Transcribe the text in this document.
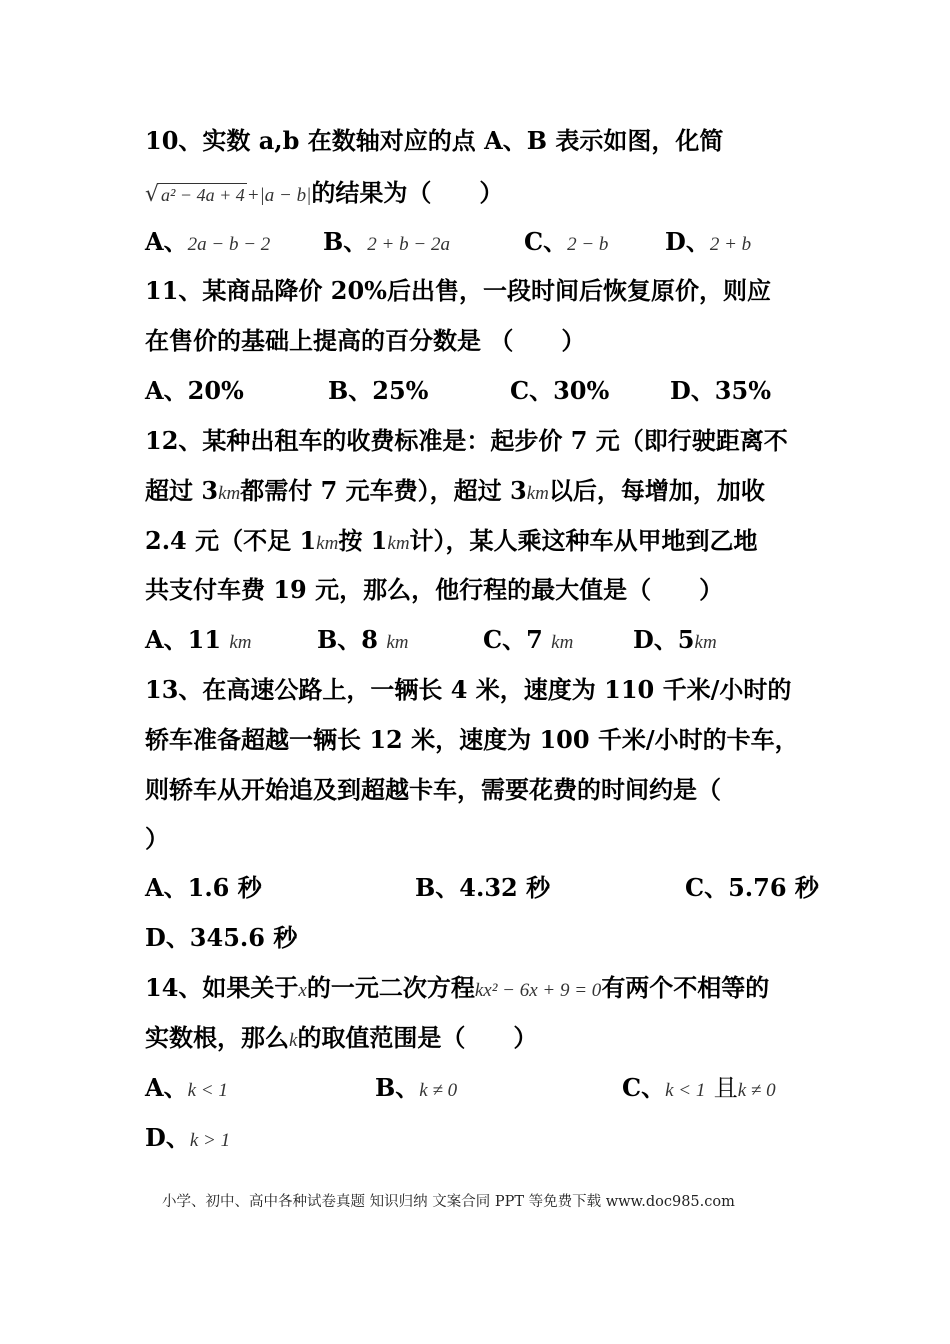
10、实数 a,b 在数轴对应的点 A、B 表示如图，化简
√ a² − 4a + 4 +|a − b|的结果为（　　）
A、2a − b − 2 B、2 + b − 2a	C、2 − b D、2 + b
11、某商品降价 20%后出售，一段时间后恢复原价，则应
在售价的基础上提高的百分数是 （　　）
A、20%	B、25%	C、30%	D、35%
12、某种出租车的收费标准是：起步价 7 元（即行驶距离不
超过 3km都需付 7 元车费），超过 3km以后，每增加，加收
2.4 元（不足 1km按 1km计），某人乘这种车从甲地到乙地
共支付车费 19 元，那么，他行程的最大值是（　　）
A、11 km	B、8 km	C、7 km D、5km
13、在高速公路上，一辆长 4 米，速度为 110 千米/小时的
轿车准备超越一辆长 12 米，速度为 100 千米/小时的卡车，
则轿车从开始追及到超越卡车，需要花费的时间约是（
）
A、1.6 秒	B、4.32 秒	C、5.76 秒
D、345.6 秒
14、如果关于x的一元二次方程kx² − 6x + 9 = 0有两个不相等的
实数根，那么k的取值范围是（　　）
A、k < 1	B、k ≠ 0	C、k < 1 且k ≠ 0
D、k > 1
小学、初中、高中各种试卷真题 知识归纳 文案合同 PPT 等免费下载 www.doc985.com
